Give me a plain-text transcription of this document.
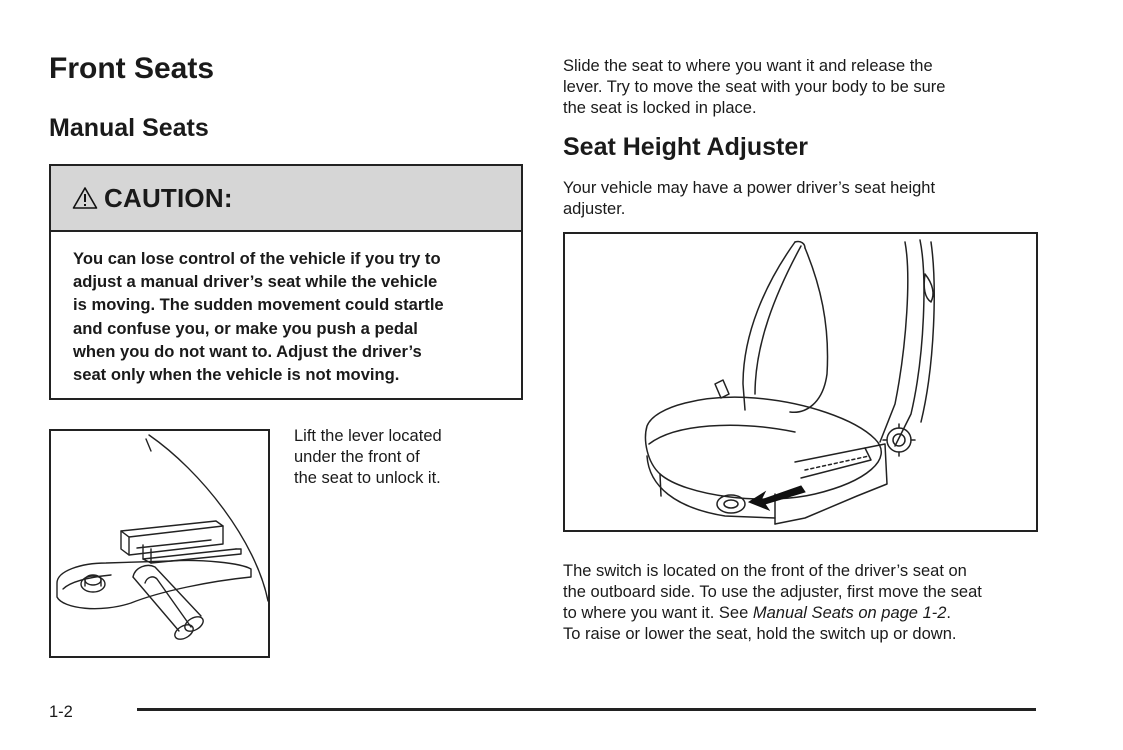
Front Seats
Manual Seats
CAUTION:
You can lose control of the vehicle if you try to
adjust a manual driver’s seat while the vehicle
is moving. The sudden movement could startle
and confuse you, or make you push a pedal
when you do not want to. Adjust the driver’s
seat only when the vehicle is not moving.
Lift the lever located
under the front of
the seat to unlock it.
Slide the seat to where you want it and release the
lever. Try to move the seat with your body to be sure
the seat is locked in place.
Seat Height Adjuster
Your vehicle may have a power driver’s seat height
adjuster.
The switch is located on the front of the driver’s seat on
the outboard side. To use the adjuster, first move the seat
to where you want it. See Manual Seats on page 1-2.
To raise or lower the seat, hold the switch up or down.
1-2
